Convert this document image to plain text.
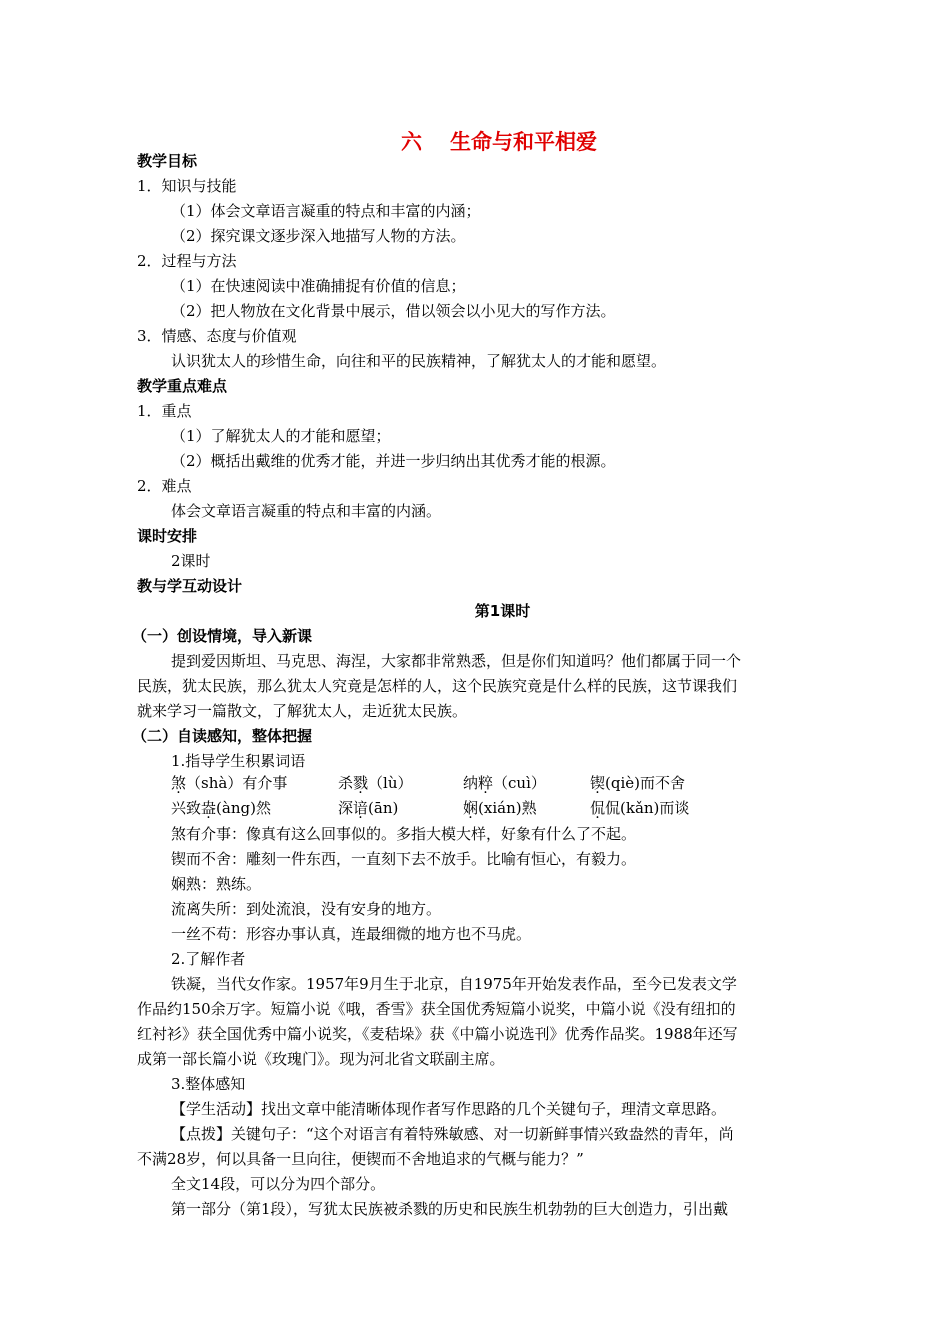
六 生命与和平相爱
教学目标
1．知识与技能
（1）体会文章语言凝重的特点和丰富的内涵；
（2）探究课文逐步深入地描写人物的方法。
2．过程与方法
（1）在快速阅读中准确捕捉有价值的信息；
（2）把人物放在文化背景中展示，借以领会以小见大的写作方法。
3．情感、态度与价值观
认识犹太人的珍惜生命，向往和平的民族精神，了解犹太人的才能和愿望。
教学重点难点
1．重点
（1）了解犹太人的才能和愿望；
（2）概括出戴维的优秀才能，并进一步归纳出其优秀才能的根源。
2．难点
体会文章语言凝重的特点和丰富的内涵。
课时安排
2课时
教与学互动设计
第1课时
（一）创设情境，导入新课
提到爱因斯坦、马克思、海涅，大家都非常熟悉，但是你们知道吗？他们都属于同一个
民族，犹太民族，那么犹太人究竟是怎样的人，这个民族究竟是什么样的民族，这节课我们
就来学习一篇散文，了解犹太人，走近犹太民族。
（二）自读感知，整体把握
1.指导学生积累词语
煞（shà）有介事	杀戮（lù）	纳粹（cuì）	锲(qiè)而不舍
兴致盎(àng)然	深谙(ān)	娴(xián)熟	侃侃(kǎn)而谈
煞有介事：像真有这么回事似的。多指大模大样，好象有什么了不起。
锲而不舍：雕刻一件东西，一直刻下去不放手。比喻有恒心，有毅力。
娴熟：熟练。
流离失所：到处流浪，没有安身的地方。
一丝不苟：形容办事认真，连最细微的地方也不马虎。
2.了解作者
铁凝，当代女作家。1957年9月生于北京，自1975年开始发表作品，至今已发表文学
作品约150余万字。短篇小说《哦，香雪》获全国优秀短篇小说奖，中篇小说《没有纽扣的
红衬衫》获全国优秀中篇小说奖，《麦秸垛》获《中篇小说选刊》优秀作品奖。1988年还写
成第一部长篇小说《玫瑰门》。现为河北省文联副主席。
3.整体感知
【学生活动】找出文章中能清晰体现作者写作思路的几个关键句子，理清文章思路。
【点拨】关键句子：“这个对语言有着特殊敏感、对一切新鲜事情兴致盎然的青年，尚
不满28岁，何以具备一旦向往，便锲而不舍地追求的气概与能力？”
全文14段，可以分为四个部分。
第一部分（第1段），写犹太民族被杀戮的历史和民族生机勃勃的巨大创造力，引出戴
